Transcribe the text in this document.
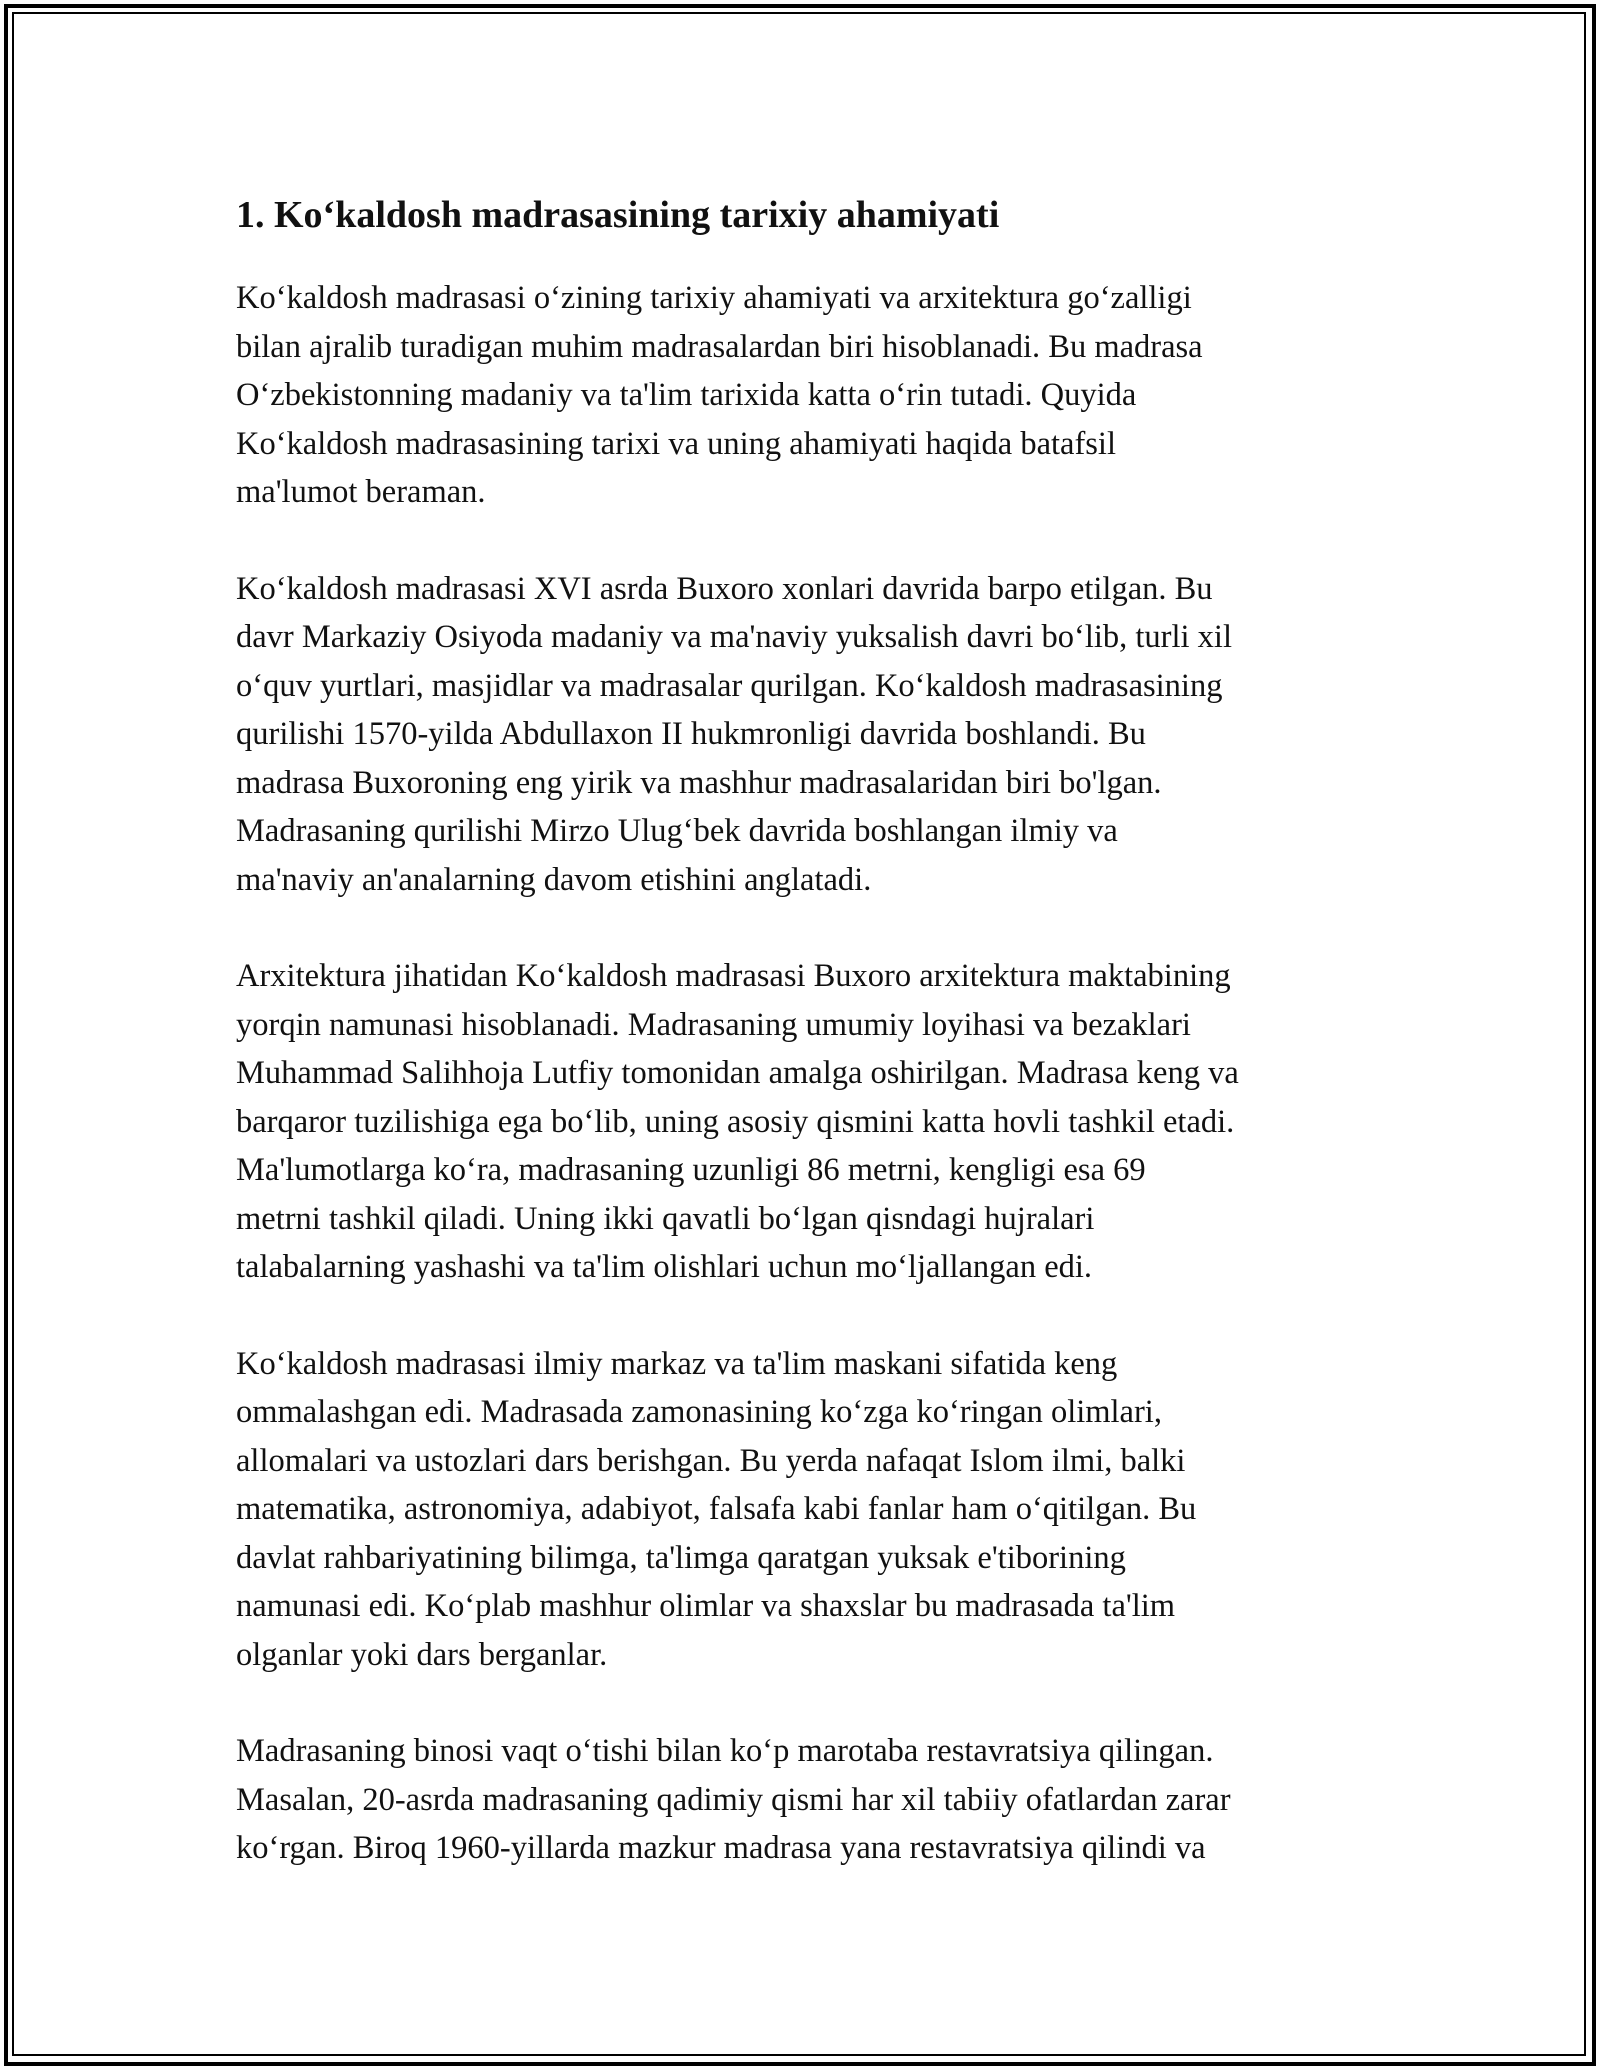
1. Ko‘kaldosh madrasasining tarixiy ahamiyati

Ko‘kaldosh madrasasi o‘zining tarixiy ahamiyati va arxitektura go‘zalligi
bilan ajralib turadigan muhim madrasalardan biri hisoblanadi. Bu madrasa
O‘zbekistonning madaniy va ta'lim tarixida katta o‘rin tutadi. Quyida
Ko‘kaldosh madrasasining tarixi va uning ahamiyati haqida batafsil
ma'lumot beraman.

Ko‘kaldosh madrasasi XVI asrda Buxoro xonlari davrida barpo etilgan. Bu
davr Markaziy Osiyoda madaniy va ma'naviy yuksalish davri bo‘lib, turli xil
o‘quv yurtlari, masjidlar va madrasalar qurilgan. Ko‘kaldosh madrasasining
qurilishi 1570-yilda Abdullaxon II hukmronligi davrida boshlandi. Bu
madrasa Buxoroning eng yirik va mashhur madrasalaridan biri bo'lgan.
Madrasaning qurilishi Mirzo Ulug‘bek davrida boshlangan ilmiy va
ma'naviy an'analarning davom etishini anglatadi.

Arxitektura jihatidan Ko‘kaldosh madrasasi Buxoro arxitektura maktabining
yorqin namunasi hisoblanadi. Madrasaning umumiy loyihasi va bezaklari
Muhammad Salihhoja Lutfiy tomonidan amalga oshirilgan. Madrasa keng va
barqaror tuzilishiga ega bo‘lib, uning asosiy qismini katta hovli tashkil etadi.
Ma'lumotlarga ko‘ra, madrasaning uzunligi 86 metrni, kengligi esa 69
metrni tashkil qiladi. Uning ikki qavatli bo‘lgan qisndagi hujralari
talabalarning yashashi va ta'lim olishlari uchun mo‘ljallangan edi.

Ko‘kaldosh madrasasi ilmiy markaz va ta'lim maskani sifatida keng
ommalashgan edi. Madrasada zamonasining ko‘zga ko‘ringan olimlari,
allomalari va ustozlari dars berishgan. Bu yerda nafaqat Islom ilmi, balki
matematika, astronomiya, adabiyot, falsafa kabi fanlar ham o‘qitilgan. Bu
davlat rahbariyatining bilimga, ta'limga qaratgan yuksak e'tiborining
namunasi edi. Ko‘plab mashhur olimlar va shaxslar bu madrasada ta'lim
olganlar yoki dars berganlar.

Madrasaning binosi vaqt o‘tishi bilan ko‘p marotaba restavratsiya qilingan.
Masalan, 20-asrda madrasaning qadimiy qismi har xil tabiiy ofatlardan zarar
ko‘rgan. Biroq 1960-yillarda mazkur madrasa yana restavratsiya qilindi va
